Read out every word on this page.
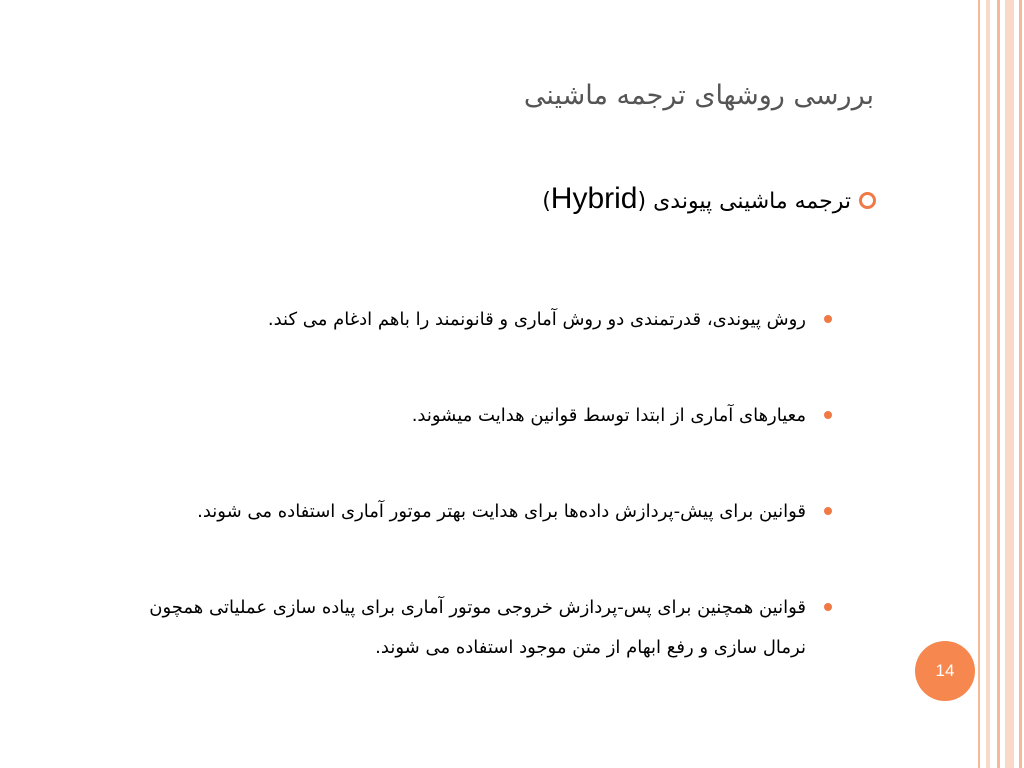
بررسی روشهای ترجمه ماشینی
ترجمه ماشینی پیوندی (Hybrid)
روش پیوندی، قدرتمندی دو روش آماری و قانونمند را باهم ادغام می کند.
معیارهای آماری از ابتدا توسط قوانین هدایت میشوند.
قوانین برای پیش-پردازش داده‌ها برای هدایت بهتر موتور آماری استفاده می شوند.
قوانین همچنین برای پس-پردازش خروجی موتور آماری برای پیاده سازی عملیاتی همچون نرمال سازی و رفع ابهام از متن موجود استفاده می شوند.
14
